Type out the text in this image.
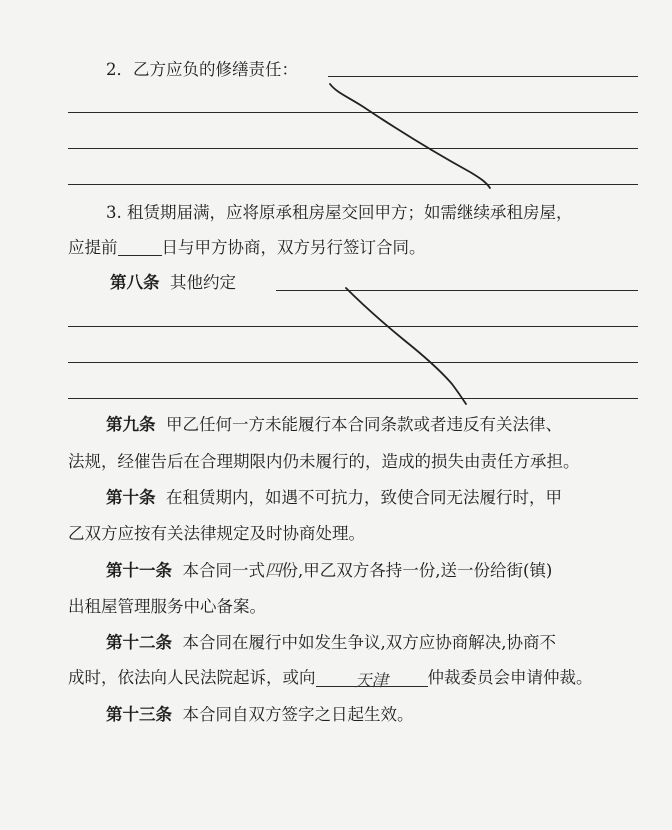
2．乙方应负的修缮责任：
3. 租赁期届满，应将原承租房屋交回甲方；如需继续承租房屋，
应提前	日与甲方协商，双方另行签订合同。
第八条 其他约定
第九条 甲乙任何一方未能履行本合同条款或者违反有关法律、
法规，经催告后在合理期限内仍未履行的，造成的损失由责任方承担。
第十条 在租赁期内，如遇不可抗力，致使合同无法履行时，甲
乙双方应按有关法律规定及时协商处理。
第十一条 本合同一式四份,甲乙双方各持一份,送一份给街(镇)
出租屋管理服务中心备案。
第十二条 本合同在履行中如发生争议,双方应协商解决,协商不
成时，依法向人民法院起诉，或向 天津 仲裁委员会申请仲裁。
第十三条 本合同自双方签字之日起生效。
